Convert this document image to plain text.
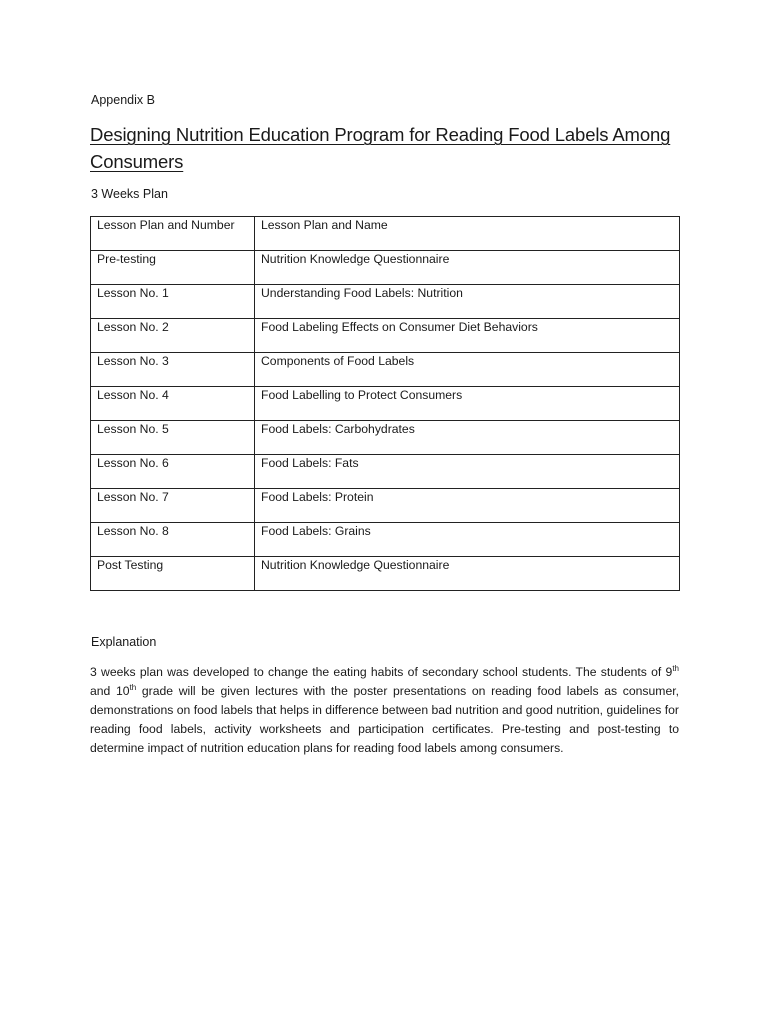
Appendix B
Designing Nutrition Education Program for Reading Food Labels Among Consumers
3 Weeks Plan
Lesson Plan and Number	Lesson Plan and Name
Pre-testing	Nutrition Knowledge Questionnaire
Lesson No. 1	Understanding Food Labels: Nutrition
Lesson No. 2	Food Labeling Effects on Consumer Diet Behaviors
Lesson No. 3	Components of Food Labels
Lesson No. 4	Food Labelling to Protect Consumers
Lesson No. 5	Food Labels: Carbohydrates
Lesson No. 6	Food Labels: Fats
Lesson No. 7	Food Labels: Protein
Lesson No. 8	Food Labels: Grains
Post Testing	Nutrition Knowledge Questionnaire
Explanation
3 weeks plan was developed to change the eating habits of secondary school students. The students of 9th and 10th grade will be given lectures with the poster presentations on reading food labels as consumer, demonstrations on food labels that helps in difference between bad nutrition and good nutrition, guidelines for reading food labels, activity worksheets and participation certificates. Pre-testing and post-testing to determine impact of nutrition education plans for reading food labels among consumers.
